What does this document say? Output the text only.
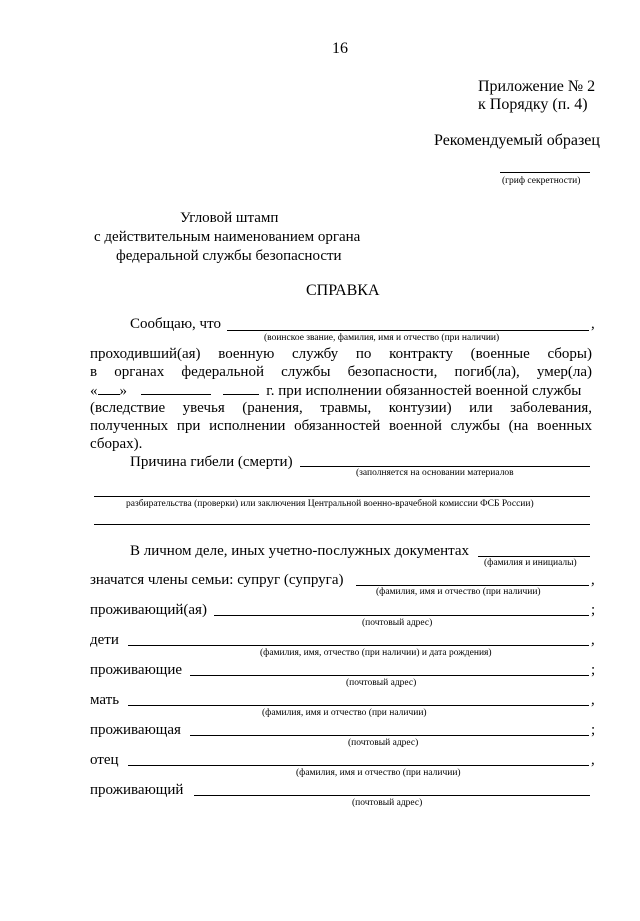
16
Приложение № 2
к Порядку (п. 4)
Рекомендуемый образец
(гриф секретности)
Угловой штамп
с действительным наименованием органа
федеральной службы безопасности
СПРАВКА
Сообщаю, что	,
(воинское звание, фамилия, имя и отчество (при наличии)
проходивший(ая) военную службу по контракту (военные сборы)
в органах федеральной службы безопасности, погиб(ла), умер(ла)
« »	г. при исполнении обязанностей военной службы
(вследствие увечья (ранения, травмы, контузии) или заболевания,
полученных при исполнении обязанностей военной службы (на военных
сборах).
Причина гибели (смерти)
(заполняется на основании материалов
разбирательства (проверки) или заключения Центральной военно-врачебной комиссии ФСБ России)
В личном деле, иных учетно-послужных документах
(фамилия и инициалы)
значатся члены семьи: супруг (супруга)	,
(фамилия, имя и отчество (при наличии)
проживающий(ая)	;
(почтовый адрес)
дети	,
(фамилия, имя, отчество (при наличии) и дата рождения)
проживающие	;
(почтовый адрес)
мать	,
(фамилия, имя и отчество (при наличии)
проживающая	;
(почтовый адрес)
отец	,
(фамилия, имя и отчество (при наличии)
проживающий
(почтовый адрес)
